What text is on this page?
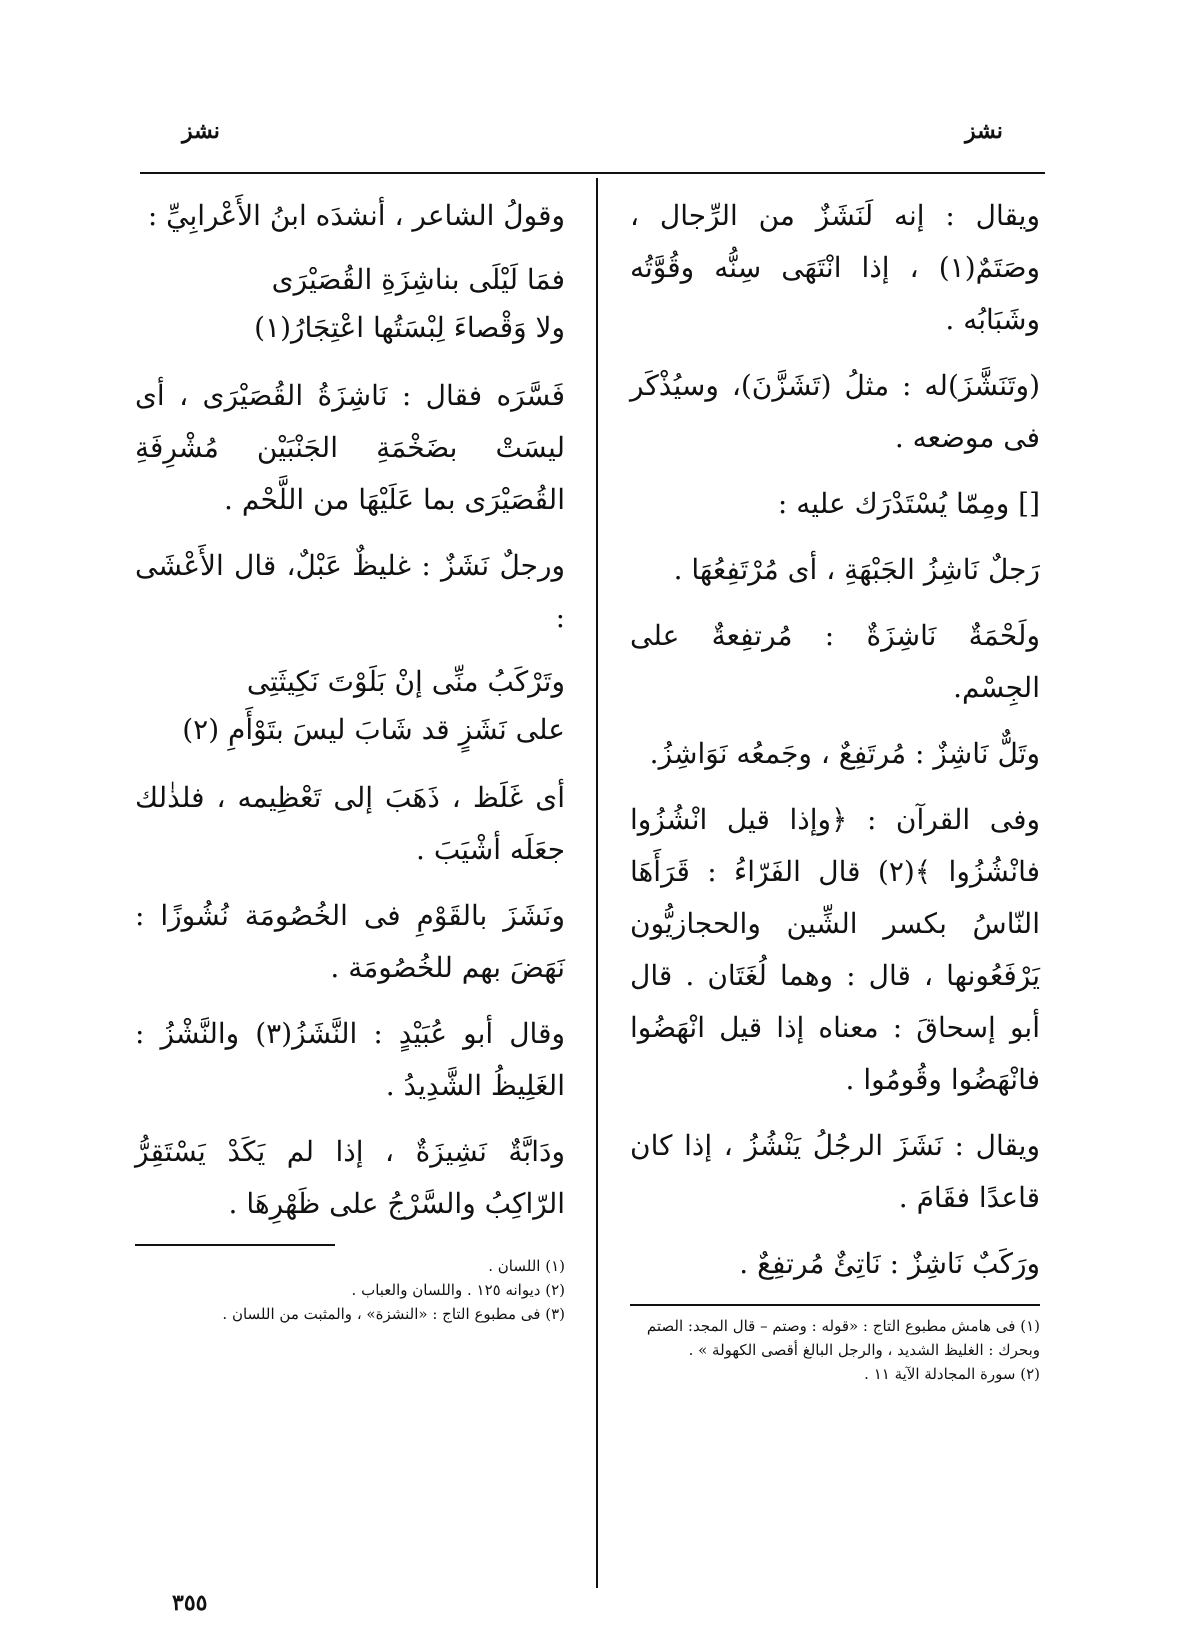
نشز
نشز

ويقال : إنه لَنَشَزٌ من الرِّجال ، وصَتَمٌ(١) ، إذا انْتَهَى سِنُّه وقُوَّتُه وشَبَابُه .

(وتَنَشَّزَ)له : مثلُ (تَشَزَّنَ)، وسيُذْكَر فى موضعه .

[] ومِمّا يُسْتَدْرَك عليه :

رَجلٌ نَاشِزُ الجَبْهَةِ ، أى مُرْتَفِعُهَا .

ولَحْمَةٌ نَاشِزَةٌ : مُرتفِعةٌ على الجِسْم.

وتَلٌّ نَاشِزٌ : مُرتَفِعٌ ، وجَمعُه نَوَاشِزُ.

وفى القرآن : ﴿وإذا قيل انْشُزُوا فانْشُزُوا ﴾(٢) قال الفَرّاءُ : قَرَأَهَا النّاسُ بكسر الشِّين والحجازيُّون يَرْفَعُونها ، قال : وهما لُغَتَان . قال أبو إسحاقَ : معناه إذا قيل انْهَضُوا فانْهَضُوا وقُومُوا .

ويقال : نَشَزَ الرجُلُ يَنْشُزُ ، إذا كان قاعدًا فقَامَ .

ورَكَبٌ نَاشِزٌ : نَاتِئٌ مُرتفِعٌ .

(١) فى هامش مطبوع التاج : «قوله : وصتم – قال المجد: الصتم وبحرك : الغليظ الشديد ، والرجل البالغ أقصى الكهولة » .

(٢) سورة المجادلة الآية ١١ .

وقولُ الشاعر ، أنشدَه ابنُ الأَعْرابِيِّ :

فمَا لَيْلَى بناشِزَةِ القُصَيْرَى
ولا وَقْصاءَ لِبْسَتُها اعْتِجَارُ(١)

فَسَّرَه فقال : نَاشِزَةُ القُصَيْرَى ، أى ليسَتْ بضَخْمَةِ الجَنْبَيْن مُشْرِفَةِ القُصَيْرَى بما عَلَيْهَا من اللَّحْم .

ورجلٌ نَشَزٌ : غليظٌ عَبْلٌ، قال الأَعْشَى :

وتَرْكَبُ منِّى إنْ بَلَوْتَ نَكِيثَتِى
على نَشَزٍ قد شَابَ ليسَ بتَوْأَمِ (٢)

أى غَلَظ ، ذَهَبَ إلى تَعْظِيمه ، فلذٰلك جعَلَه أشْيَبَ .

ونَشَزَ بالقَوْمِ فى الخُصُومَة نُشُوزًا : نَهَضَ بهم للخُصُومَة .

وقال أبو عُبَيْدٍ : النَّشَزُ(٣) والنَّشْزُ : الغَلِيظُ الشَّدِيدُ .

ودَابَّةٌ نَشِيزَةٌ ، إذا لم يَكَدْ يَسْتَقِرُّ الرّاكِبُ والسَّرْجُ على ظَهْرِهَا .

(١) اللسان .

(٢) ديوانه ١٢٥ . واللسان والعباب .

(٣) فى مطبوع التاج : «النشزة» ، والمثبت من اللسان .

٣٥٥
